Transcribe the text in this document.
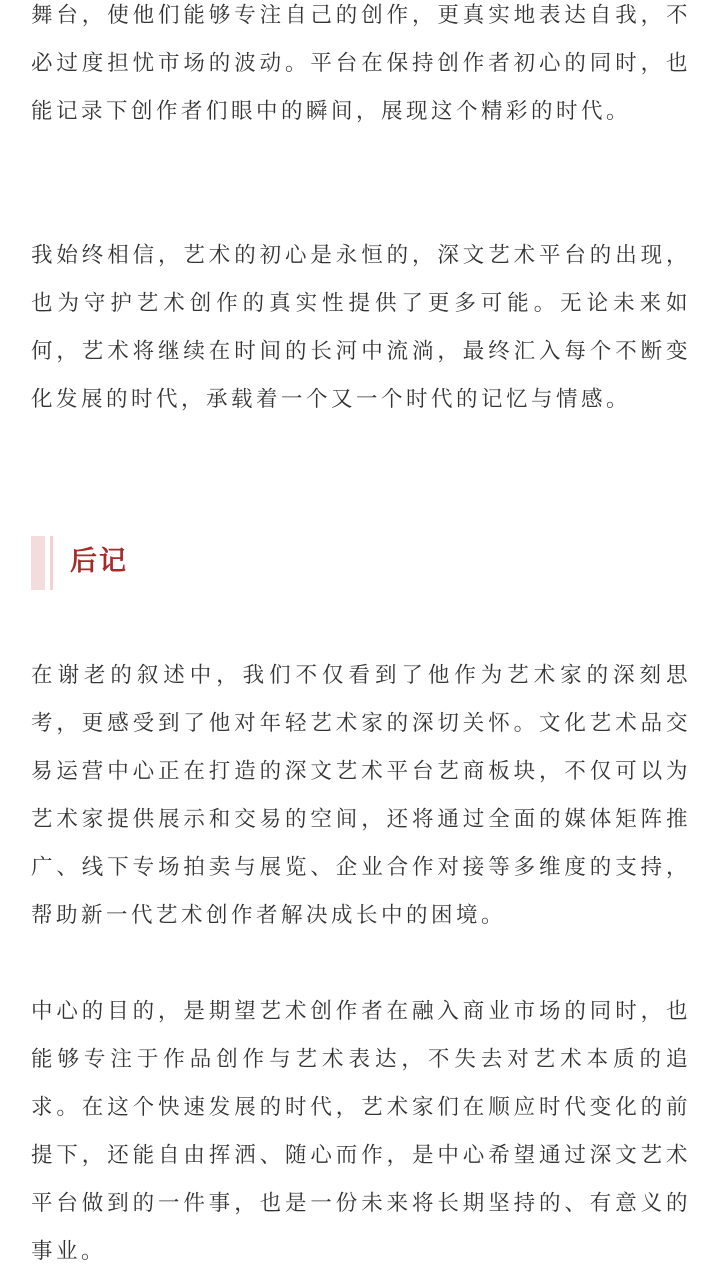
舞台，使他们能够专注自己的创作，更真实地表达自我，不必过度担忧市场的波动。平台在保持创作者初心的同时，也能记录下创作者们眼中的瞬间，展现这个精彩的时代。

我始终相信，艺术的初心是永恒的，深文艺术平台的出现，也为守护艺术创作的真实性提供了更多可能。无论未来如何，艺术将继续在时间的长河中流淌，最终汇入每个不断变化发展的时代，承载着一个又一个时代的记忆与情感。

后记

在谢老的叙述中，我们不仅看到了他作为艺术家的深刻思考，更感受到了他对年轻艺术家的深切关怀。文化艺术品交易运营中心正在打造的深文艺术平台艺商板块，不仅可以为艺术家提供展示和交易的空间，还将通过全面的媒体矩阵推广、线下专场拍卖与展览、企业合作对接等多维度的支持，帮助新一代艺术创作者解决成长中的困境。

中心的目的，是期望艺术创作者在融入商业市场的同时，也能够专注于作品创作与艺术表达，不失去对艺术本质的追求。在这个快速发展的时代，艺术家们在顺应时代变化的前提下，还能自由挥洒、随心而作，是中心希望通过深文艺术平台做到的一件事，也是一份未来将长期坚持的、有意义的事业。
